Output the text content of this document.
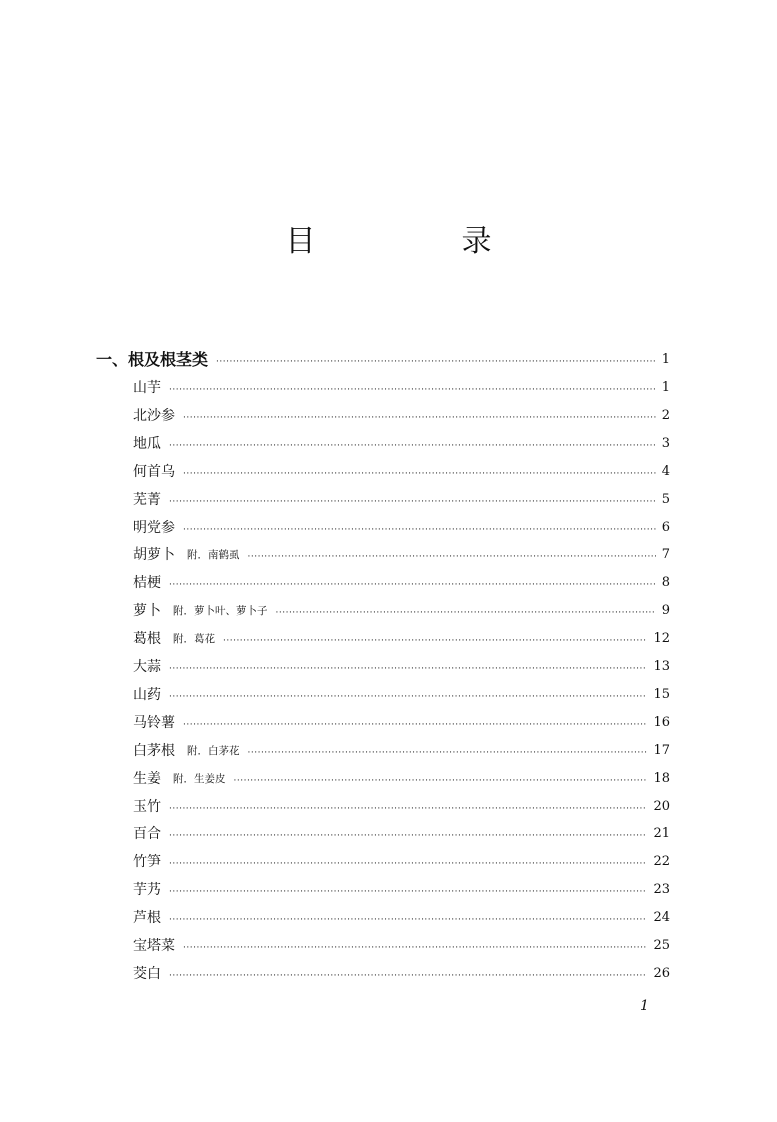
目　录
一、根及根茎类 ·····	1
山芋 ·····	1
北沙参 ·····	2
地瓜 ·····	3
何首乌 ·····	4
芜菁 ·····	5
明党参 ·····	6
胡萝卜 附．南鹤虱 ·····	7
桔梗 ·····	8
萝卜 附．萝卜叶、萝卜子 ·····	9
葛根 附．葛花 ·····	12
大蒜 ·····	13
山药 ·····	15
马铃薯 ·····	16
白茅根 附．白茅花 ·····	17
生姜 附．生姜皮 ·····	18
玉竹 ·····	20
百合 ·····	21
竹笋 ·····	22
芋艿 ·····	23
芦根 ·····	24
宝塔菜 ·····	25
茭白 ·····	26

1
